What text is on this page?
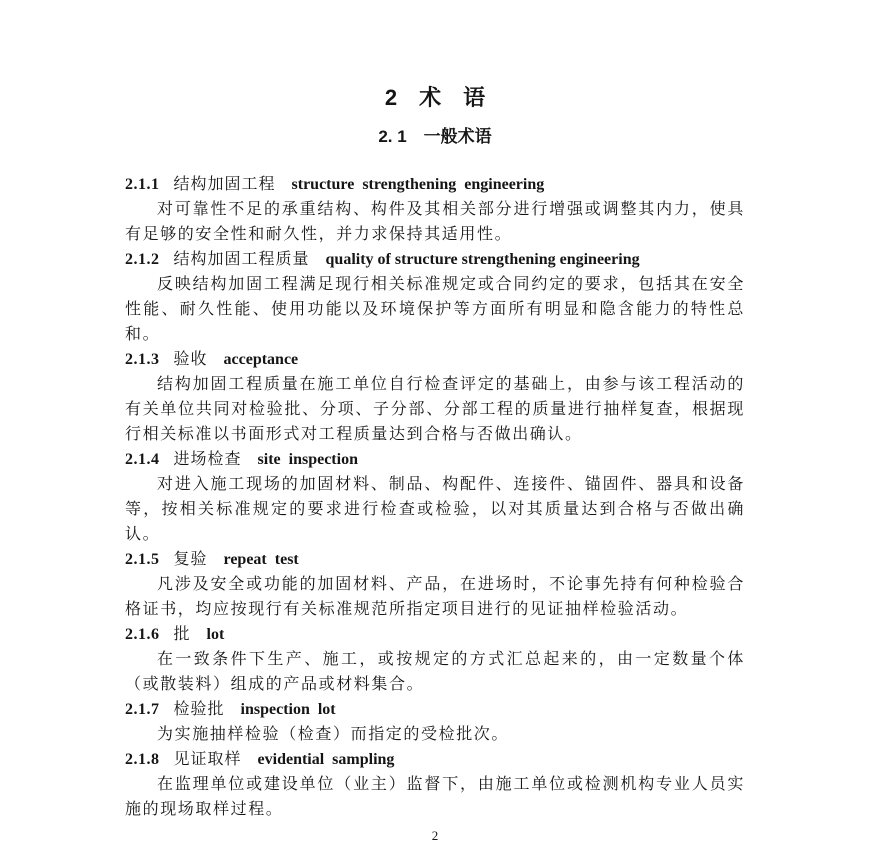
2　术　语
2. 1　一般术语
2.1.1 结构加固工程 structure  strengthening  engineering

对可靠性不足的承重结构、构件及其相关部分进行增强或调整其内力，使具有足够的安全性和耐久性，并力求保持其适用性。

2.1.2 结构加固工程质量 quality of structure strengthening engineering

反映结构加固工程满足现行相关标准规定或合同约定的要求，包括其在安全性能、耐久性能、使用功能以及环境保护等方面所有明显和隐含能力的特性总和。

2.1.3 验收 acceptance

结构加固工程质量在施工单位自行检查评定的基础上，由参与该工程活动的有关单位共同对检验批、分项、子分部、分部工程的质量进行抽样复查，根据现行相关标准以书面形式对工程质量达到合格与否做出确认。

2.1.4 进场检查 site  inspection

对进入施工现场的加固材料、制品、构配件、连接件、锚固件、器具和设备等，按相关标准规定的要求进行检查或检验，以对其质量达到合格与否做出确认。

2.1.5 复验 repeat  test

凡涉及安全或功能的加固材料、产品，在进场时，不论事先持有何种检验合格证书，均应按现行有关标准规范所指定项目进行的见证抽样检验活动。

2.1.6 批 lot

在一致条件下生产、施工，或按规定的方式汇总起来的，由一定数量个体（或散装料）组成的产品或材料集合。

2.1.7 检验批 inspection  lot

为实施抽样检验（检查）而指定的受检批次。

2.1.8 见证取样 evidential  sampling

在监理单位或建设单位（业主）监督下，由施工单位或检测机构专业人员实施的现场取样过程。

2
